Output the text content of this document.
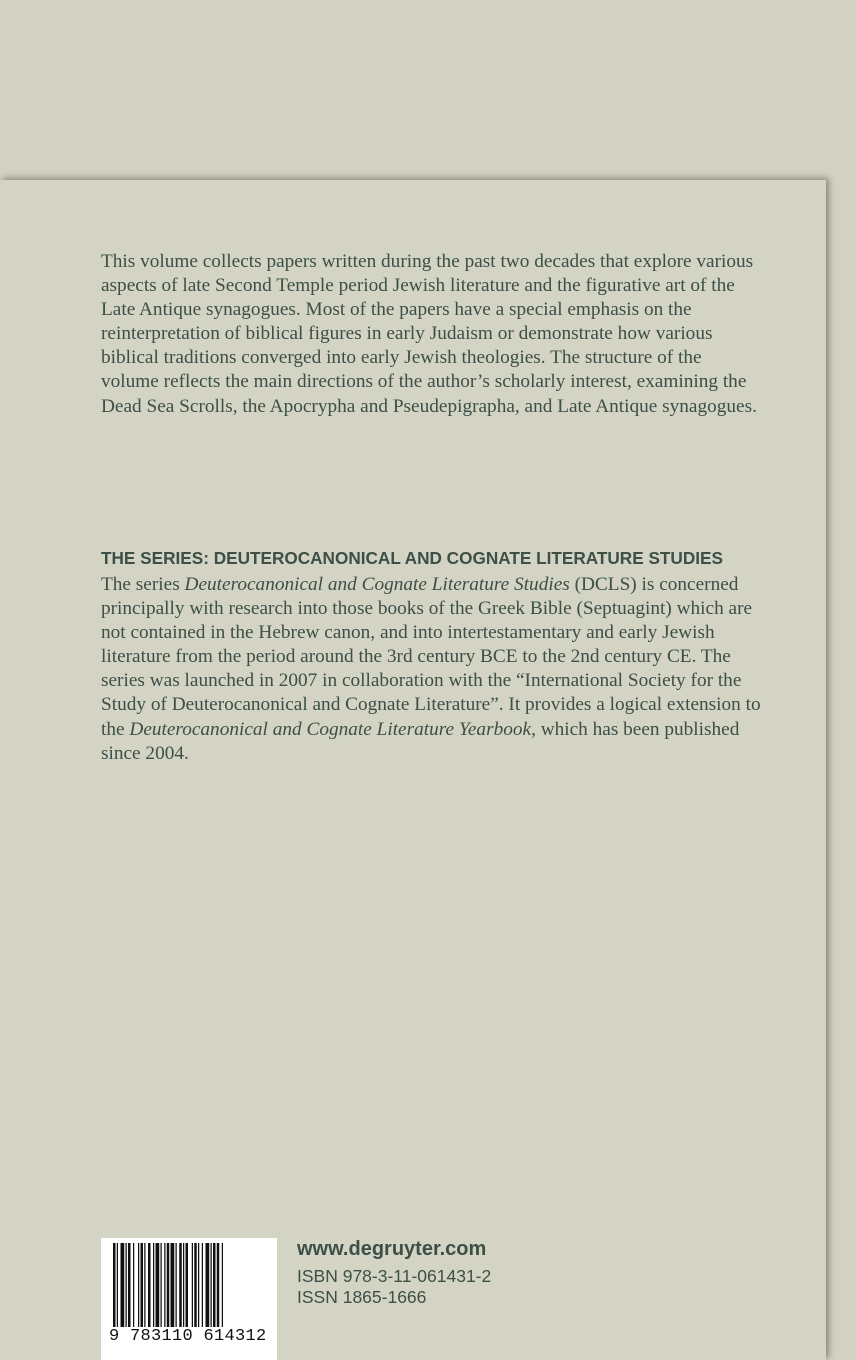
This volume collects papers written during the past two decades that explore various aspects of late Second Temple period Jewish literature and the figurative art of the Late Antique synagogues. Most of the papers have a special emphasis on the reinterpretation of biblical figures in early Judaism or demonstrate how various biblical traditions converged into early Jewish theologies. The structure of the volume reflects the main directions of the author’s scholarly interest, examining the Dead Sea Scrolls, the Apocrypha and Pseudepigrapha, and Late Antique synagogues.

THE SERIES: DEUTEROCANONICAL AND COGNATE LITERATURE STUDIES

The series Deuterocanonical and Cognate Literature Studies (DCLS) is concerned principally with research into those books of the Greek Bible (Septuagint) which are not contained in the Hebrew canon, and into intertestamentary and early Jewish literature from the period around the 3rd century BCE to the 2nd century CE. The series was launched in 2007 in collaboration with the “International Society for the Study of Deuterocanonical and Cognate Literature”. It provides a logical extension to the Deuterocanonical and Cognate Literature Yearbook, which has been published since 2004.

9 783110 614312
www.degruyter.com
ISBN 978-3-11-061431-2
ISSN 1865-1666
